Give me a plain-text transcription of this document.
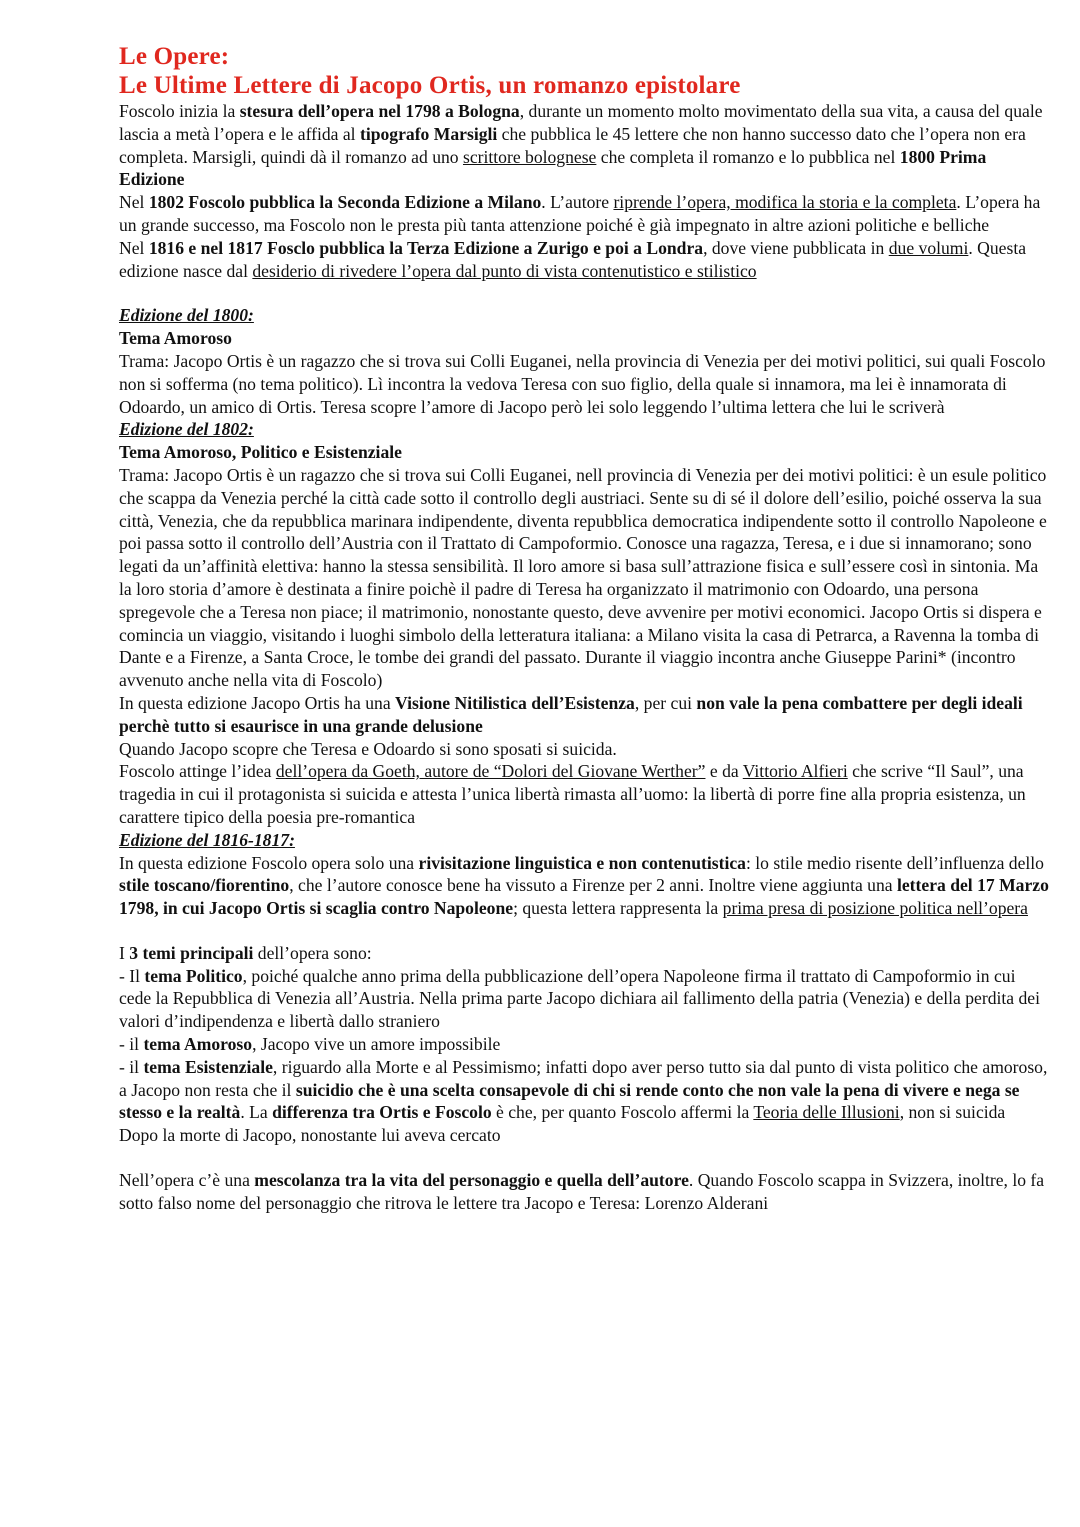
Le Opere:
Le Ultime Lettere di Jacopo Ortis, un romanzo epistolare

Foscolo inizia la stesura dell’opera nel 1798 a Bologna, durante un momento molto movimentato della sua vita, a causa del quale lascia a metà l’opera e le affida al tipografo Marsigli che pubblica le 45 lettere che non hanno successo dato che l’opera non era completa. Marsigli, quindi dà il romanzo ad uno scrittore bolognese che completa il romanzo e lo pubblica nel 1800 Prima Edizione

Nel 1802 Foscolo pubblica la Seconda Edizione a Milano. L’autore riprende l’opera, modifica la storia e la completa. L’opera ha un grande successo, ma Foscolo non le presta più tanta attenzione poiché è già impegnato in altre azioni politiche e belliche

Nel 1816 e nel 1817 Fosclo pubblica la Terza Edizione a Zurigo e poi a Londra, dove viene pubblicata in due volumi. Questa edizione nasce dal desiderio di rivedere l’opera dal punto di vista contenutistico e stilistico

Edizione del 1800:

Tema Amoroso

Trama: Jacopo Ortis è un ragazzo che si trova sui Colli Euganei, nella provincia di Venezia per dei motivi politici, sui quali Foscolo non si sofferma (no tema politico). Lì incontra la vedova Teresa con suo figlio, della quale si innamora, ma lei è innamorata di Odoardo, un amico di Ortis. Teresa scopre l’amore di Jacopo però lei solo leggendo l’ultima lettera che lui le scriverà

Edizione del 1802:

Tema Amoroso, Politico e Esistenziale

Trama: Jacopo Ortis è un ragazzo che si trova sui Colli Euganei, nell provincia di Venezia per dei motivi politici: è un esule politico che scappa da Venezia perché la città cade sotto il controllo degli austriaci. Sente su di sé il dolore dell’esilio, poiché osserva la sua città, Venezia, che da repubblica marinara indipendente, diventa repubblica democratica indipendente sotto il controllo Napoleone e poi passa sotto il controllo dell’Austria con il Trattato di Campoformio. Conosce una ragazza, Teresa, e i due si innamorano; sono legati da un’affinità elettiva: hanno la stessa sensibilità. Il loro amore si basa sull’attrazione fisica e sull’essere così in sintonia. Ma la loro storia d’amore è destinata a finire poichè il padre di Teresa ha organizzato il matrimonio con Odoardo, una persona spregevole che a Teresa non piace; il matrimonio, nonostante questo, deve avvenire per motivi economici. Jacopo Ortis si dispera e comincia un viaggio, visitando i luoghi simbolo della letteratura italiana: a Milano visita la casa di Petrarca, a Ravenna la tomba di Dante e a Firenze, a Santa Croce, le tombe dei grandi del passato. Durante il viaggio incontra anche Giuseppe Parini* (incontro avvenuto anche nella vita di Foscolo)

In questa edizione Jacopo Ortis ha una Visione Nitilistica dell’Esistenza, per cui non vale la pena combattere per degli ideali perchè tutto si esaurisce in una grande delusione

Quando Jacopo scopre che Teresa e Odoardo si sono sposati si suicida.

Foscolo attinge l’idea dell’opera da Goeth, autore de “Dolori del Giovane Werther” e da Vittorio Alfieri che scrive “Il Saul”, una tragedia in cui il protagonista si suicida e attesta l’unica libertà rimasta all’uomo: la libertà di porre fine alla propria esistenza, un carattere tipico della poesia pre-romantica

Edizione del 1816-1817:

In questa edizione Foscolo opera solo una rivisitazione linguistica e non contenutistica: lo stile medio risente dell’influenza dello stile toscano/fiorentino, che l’autore conosce bene ha vissuto a Firenze per 2 anni. Inoltre viene aggiunta una lettera del 17 Marzo 1798, in cui Jacopo Ortis si scaglia contro Napoleone; questa lettera rappresenta la prima presa di posizione politica nell’opera

I 3 temi principali dell’opera sono:

- Il tema Politico, poiché qualche anno prima della pubblicazione dell’opera Napoleone firma il trattato di Campoformio in cui cede la Repubblica di Venezia all’Austria. Nella prima parte Jacopo dichiara ail fallimento della patria (Venezia) e della perdita dei valori d’indipendenza e libertà dallo straniero

- il tema Amoroso, Jacopo vive un amore impossibile

- il tema Esistenziale, riguardo alla Morte e al Pessimismo; infatti dopo aver perso tutto sia dal punto di vista politico che amoroso, a Jacopo non resta che il suicidio che è una scelta consapevole di chi si rende conto che non vale la pena di vivere e nega se stesso e la realtà. La differenza tra Ortis e Foscolo è che, per quanto Foscolo affermi la Teoria delle Illusioni, non si suicida

Dopo la morte di Jacopo, nonostante lui aveva cercato

Nell’opera c’è una mescolanza tra la vita del personaggio e quella dell’autore. Quando Foscolo scappa in Svizzera, inoltre, lo fa sotto falso nome del personaggio che ritrova le lettere tra Jacopo e Teresa: Lorenzo Alderani
